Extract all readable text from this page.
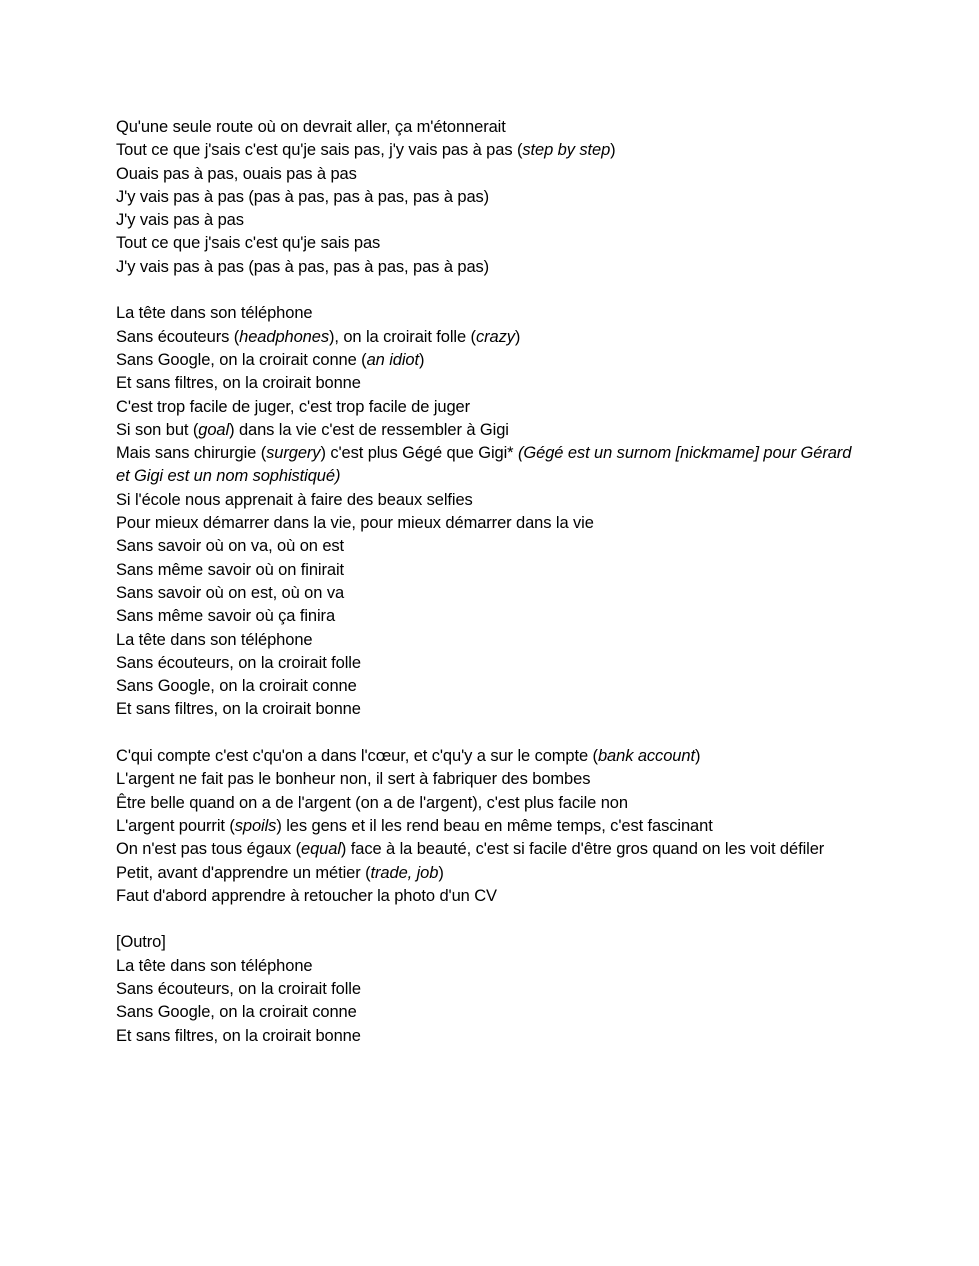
Qu'une seule route où on devrait aller, ça m'étonnerait
Tout ce que j'sais c'est qu'je sais pas, j'y vais pas à pas (step by step)
Ouais pas à pas, ouais pas à pas
J'y vais pas à pas (pas à pas, pas à pas, pas à pas)
J'y vais pas à pas
Tout ce que j'sais c'est qu'je sais pas
J'y vais pas à pas (pas à pas, pas à pas, pas à pas)
La tête dans son téléphone
Sans écouteurs (headphones), on la croirait folle (crazy)
Sans Google, on la croirait conne (an idiot)
Et sans filtres, on la croirait bonne
C'est trop facile de juger, c'est trop facile de juger
Si son but (goal) dans la vie c'est de ressembler à Gigi
Mais sans chirurgie (surgery) c'est plus Gégé que Gigi* (Gégé est un surnom [nickmame] pour Gérard et Gigi est un nom sophistiqué)
Si l'école nous apprenait à faire des beaux selfies
Pour mieux démarrer dans la vie, pour mieux démarrer dans la vie
Sans savoir où on va, où on est
Sans même savoir où on finirait
Sans savoir où on est, où on va
Sans même savoir où ça finira
La tête dans son téléphone
Sans écouteurs, on la croirait folle
Sans Google, on la croirait conne
Et sans filtres, on la croirait bonne
C'qui compte c'est c'qu'on a dans l'cœur, et c'qu'y a sur le compte (bank account)
L'argent ne fait pas le bonheur non, il sert à fabriquer des bombes
Être belle quand on a de l'argent (on a de l'argent), c'est plus facile non
L'argent pourrit (spoils) les gens et il les rend beau en même temps, c'est fascinant
On n'est pas tous égaux (equal) face à la beauté, c'est si facile d'être gros quand on les voit défiler
Petit, avant d'apprendre un métier (trade, job)
Faut d'abord apprendre à retoucher la photo d'un CV
[Outro]
La tête dans son téléphone
Sans écouteurs, on la croirait folle
Sans Google, on la croirait conne
Et sans filtres, on la croirait bonne
